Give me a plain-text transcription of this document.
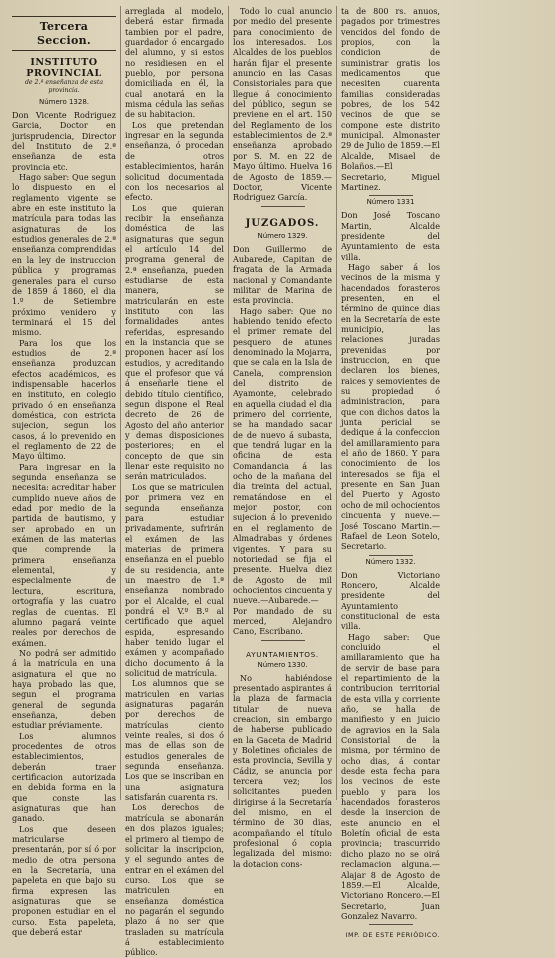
Tercera Seccion.
INSTITUTO PROVINCIAL
de 2.ª enseñanza de esta provincia.
Número 1328.

Don Vicente Rodriguez Garcia, Doctor en jurisprudencia, Director del Instituto de 2.ª enseñanza de esta provincia etc.

Hago saber: Que segun lo dispuesto en el reglamento vigente se abre en este instituto la matrícula para todas las asignaturas de los estudios generales de 2.ª enseñanza comprendidas en la ley de instruccion pública y programas generales para el curso de 1859 á 1860, el dia 1.º de Setiembre próximo venidero y terminará el 15 del mismo.

Para los que los estudios de 2.ª enseñanza produzcan efectos académicos, es indispensable hacerlos en instituto, en colegio privado ó en enseñanza doméstica, con estricta sujecion, segun los casos, á lo prevenido en el reglamento de 22 de Mayo último.

Para ingresar en la segunda enseñanza se necesita: acreditar haber cumplido nueve años de edad por medio de la partida de bautismo, y ser aprobado en un exámen de las materias que comprende la primera enseñanza elemental, y especialmente de lectura, escritura, ortografía y las cuatro reglas de cuentas. El alumno pagará veinte reales por derechos de exámen.

No podrá ser admitido á la matrícula en una asignatura el que no haya probado las que, segun el programa general de segunda enseñanza, deben estudiar préviamente.

Los alumnos procedentes de otros establecimientos, deberán traer certificacion autorizada en debida forma en la que conste las asignaturas que han ganado.

Los que deseen matricularse presentarán, por sí ó por medio de otra persona en la Secretaría, una papeleta en que bajo su firma expresen las asignaturas que se proponen estudiar en el curso. Esta papeleta, que deberá estar

arreglada al modelo, deberá estar firmada tambien por el padre, guardador ó encargado del alumno, y si estos no residiesen en el pueblo, por persona domiciliada en él, la cual anotará en la misma cédula las señas de su habitacion.

Los que pretendan ingresar en la segunda enseñanza, ó procedan de otros establecimientos, harán solicitud documentada con los necesarios al efecto.

Los que quieran recibir la enseñanza doméstica de las asignaturas que segun el artículo 14 del programa general de 2.ª enseñanza, pueden estudiarse de esta manera, se matricularán en este instituto con las formalidades antes referidas, espresando en la instancia que se proponen hacer así los estudios, y acreditando que el profesor que vá á enseñarle tiene el debido título científico, segun dispone el Real decreto de 26 de Agosto del año anterior y demas disposiciones posteriores; en el concepto de que sin llenar este requisito no serán matriculados.

Los que se matriculen por primera vez en segunda enseñanza para estudiar privadamente, sufrirán el exámen de las materias de primera enseñanza en el pueblo de su residencia, ante un maestro de 1.ª enseñanza nombrado por el Alcalde, el cual pondrá el V.º B.º al certificado que aquel espida, espresando haber tenido lugar el exámen y acompañado dicho documento á la solicitud de matrícula.

Los alumnos que se matriculen en varias asignaturas pagarán por derechos de matrículas ciento veinte reales, si dos ó mas de ellas son de estudios generales de segunda enseñanza. Los que se inscriban en una asignatura satisfarán cuarenta rs.

Los derechos de matrícula se abonarán en dos plazos iguales; el primero al tiempo de solicitar la inscripcion, y el segundo antes de entrar en el exámen del curso. Los que se matriculen en enseñanza doméstica no pagarán el segundo plazo á no ser que trasladen su matrícula á establecimiento público.

Todo lo cual anuncio por medio del presente para conocimiento de los interesados. Los Alcaldes de los pueblos harán fijar el presente anuncio en las Casas Consistoriales para que llegue á conocimiento del público, segun se previene en el art. 150 del Reglamento de los establecimientos de 2.ª enseñanza aprobado por S. M. en 22 de Mayo último. Huelva 16 de Agosto de 1859.—Doctor, Vicente Rodriguez García.

JUZGADOS.
Número 1329.

Don Guillermo de Aubarede, Capitan de fragata de la Armada nacional y Comandante militar de Marina de esta provincia.

Hago saber: Que no habiendo tenido efecto el primer remate del pesquero de atunes denominado la Mojarra, que se cala en la Isla de Canela, comprension del distrito de Ayamonte, celebrado en aquella ciudad el dia primero del corriente, se ha mandado sacar de de nuevo á subasta, que tendrá lugar en la oficina de esta Comandancia á las ocho de la mañana del dia treinta del actual, rematándose en el mejor postor, con sujecion á lo prevenido en el reglamento de Almadrabas y órdenes vigentes. Y para su notoriedad se fija el presente. Huelva diez de Agosto de mil ochocientos cincuenta y nueve.—Aubarede.—Por mandado de su merced, Alejandro Cano, Escribano.

AYUNTAMIENTOS.
Número 1330.

No habiéndose presentado aspirantes á la plaza de farmacia titular de nueva creacion, sin embargo de haberse publicado en la Gaceta de Madrid y Boletines oficiales de esta provincia, Sevilla y Cádiz, se anuncia por tercera vez; los solicitantes pueden dirigirse á la Secretaría del mismo, en el término de 30 dias, acompañando el título profesional ó copia legalizada del mismo: la dotacion cons-

ta de 800 rs. anuos, pagados por trimestres vencidos del fondo de propios, con la condicion de suministrar gratis los medicamentos que necesiten cuarenta familias consideradas pobres, de los 542 vecinos de que se compone este distrito municipal. Almonaster 29 de Julio de 1859.—El Alcalde, Misael de Bolaños.—El Secretario, Miguel Martinez.

Número 1331

Don José Toscano Martin, Alcalde presidente del Ayuntamiento de esta villa.

Hago saber á los vecinos de la misma y hacendados forasteros presenten, en el término de quince dias en la Secretaría de este municipio, las relaciones juradas prevenidas por instruccion, en que declaren los bienes, raices y semovientes de su propiedad ó administracion, para que con dichos datos la junta pericial se dedique á la confeccion del amillaramiento para el año de 1860. Y para conocimiento de los interesados se fija el presente en San Juan del Puerto y Agosto ocho de mil ochocientos cincuenta y nueve.—José Toscano Martin.—Rafael de Leon Sotelo, Secretario.

Número 1332.

Don Victoriano Roncero, Alcalde presidente del Ayuntamiento constitucional de esta villa.

Hago saber: Que concluido el amillaramiento que ha de servir de base para el repartimiento de la contribucion territorial de esta villa y corriente año, se halla de manifiesto y en juicio de agravios en la Sala Consistorial de la misma, por término de ocho dias, á contar desde esta fecha para los vecinos de este pueblo y para los hacendados forasteros desde la insercion de este anuncio en el Boletín oficial de esta provincia; trascurrido dicho plazo no se oirá reclamacion alguna.—Alajar 8 de Agosto de 1859.—El Alcalde, Victoriano Roncero.—El Secretario, Juan Gonzalez Navarro.

IMP. DE ESTE PERIÓDICO.
